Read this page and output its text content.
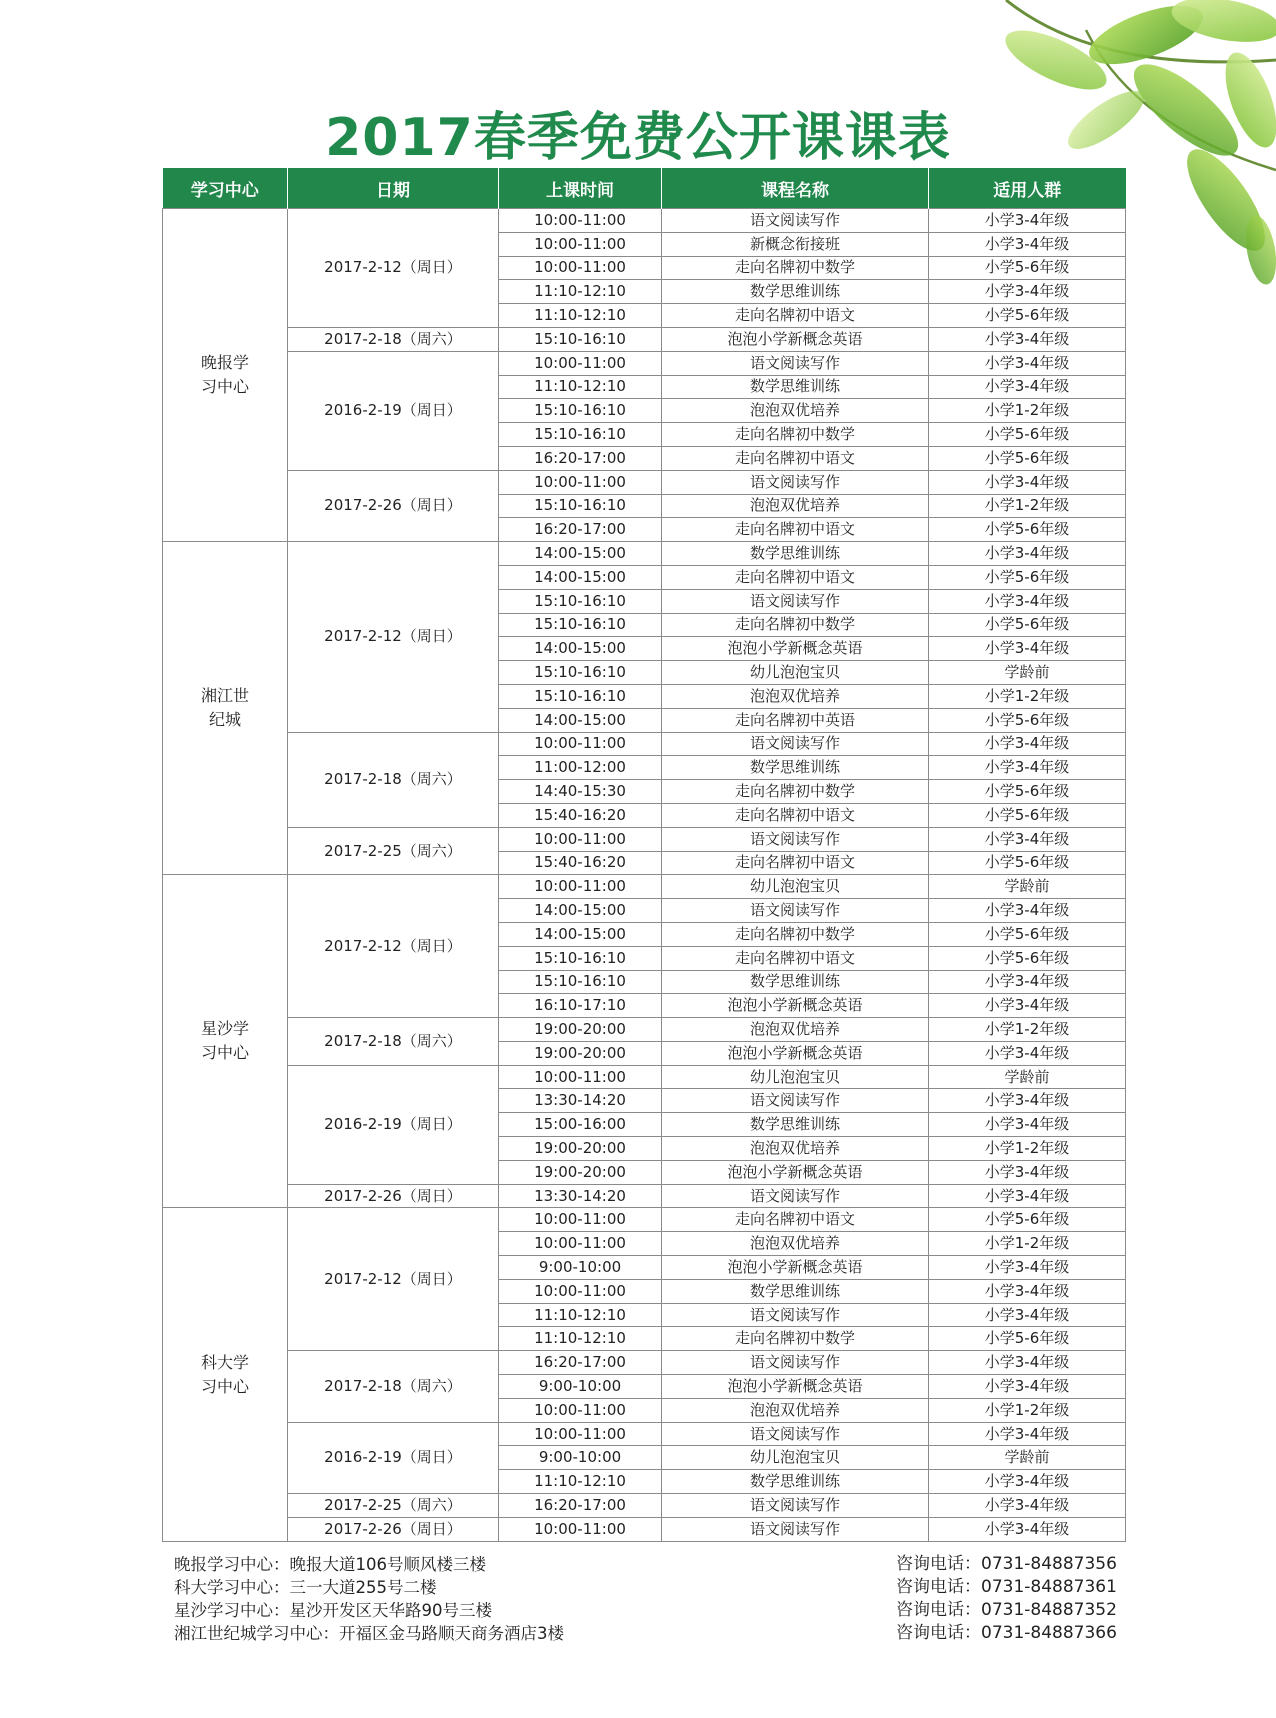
2017春季免费公开课课表
学习中心	日期	上课时间	课程名称	适用人群

晚报学
习中心	2017-2-12（周日）	10:00-11:00	语文阅读写作	小学3-4年级
		10:00-11:00	新概念衔接班	小学3-4年级
		10:00-11:00	走向名牌初中数学	小学5-6年级
		11:10-12:10	数学思维训练	小学3-4年级
		11:10-12:10	走向名牌初中语文	小学5-6年级
	2017-2-18（周六）	15:10-16:10	泡泡小学新概念英语	小学3-4年级
	2016-2-19（周日）	10:00-11:00	语文阅读写作	小学3-4年级
		11:10-12:10	数学思维训练	小学3-4年级
		15:10-16:10	泡泡双优培养	小学1-2年级
		15:10-16:10	走向名牌初中数学	小学5-6年级
		16:20-17:00	走向名牌初中语文	小学5-6年级
	2017-2-26（周日）	10:00-11:00	语文阅读写作	小学3-4年级
		15:10-16:10	泡泡双优培养	小学1-2年级
		16:20-17:00	走向名牌初中语文	小学5-6年级

湘江世
纪城	2017-2-12（周日）	14:00-15:00	数学思维训练	小学3-4年级
		14:00-15:00	走向名牌初中语文	小学5-6年级
		15:10-16:10	语文阅读写作	小学3-4年级
		15:10-16:10	走向名牌初中数学	小学5-6年级
		14:00-15:00	泡泡小学新概念英语	小学3-4年级
		15:10-16:10	幼儿泡泡宝贝	学龄前
		15:10-16:10	泡泡双优培养	小学1-2年级
		14:00-15:00	走向名牌初中英语	小学5-6年级
	2017-2-18（周六）	10:00-11:00	语文阅读写作	小学3-4年级
		11:00-12:00	数学思维训练	小学3-4年级
		14:40-15:30	走向名牌初中数学	小学5-6年级
		15:40-16:20	走向名牌初中语文	小学5-6年级
	2017-2-25（周六）	10:00-11:00	语文阅读写作	小学3-4年级
		15:40-16:20	走向名牌初中语文	小学5-6年级

星沙学
习中心	2017-2-12（周日）	10:00-11:00	幼儿泡泡宝贝	学龄前
		14:00-15:00	语文阅读写作	小学3-4年级
		14:00-15:00	走向名牌初中数学	小学5-6年级
		15:10-16:10	走向名牌初中语文	小学5-6年级
		15:10-16:10	数学思维训练	小学3-4年级
		16:10-17:10	泡泡小学新概念英语	小学3-4年级
	2017-2-18（周六）	19:00-20:00	泡泡双优培养	小学1-2年级
		19:00-20:00	泡泡小学新概念英语	小学3-4年级
	2016-2-19（周日）	10:00-11:00	幼儿泡泡宝贝	学龄前
		13:30-14:20	语文阅读写作	小学3-4年级
		15:00-16:00	数学思维训练	小学3-4年级
		19:00-20:00	泡泡双优培养	小学1-2年级
		19:00-20:00	泡泡小学新概念英语	小学3-4年级
	2017-2-26（周日）	13:30-14:20	语文阅读写作	小学3-4年级

科大学
习中心	2017-2-12（周日）	10:00-11:00	走向名牌初中语文	小学5-6年级
		10:00-11:00	泡泡双优培养	小学1-2年级
		9:00-10:00	泡泡小学新概念英语	小学3-4年级
		10:00-11:00	数学思维训练	小学3-4年级
		11:10-12:10	语文阅读写作	小学3-4年级
		11:10-12:10	走向名牌初中数学	小学5-6年级
	2017-2-18（周六）	16:20-17:00	语文阅读写作	小学3-4年级
		9:00-10:00	泡泡小学新概念英语	小学3-4年级
		10:00-11:00	泡泡双优培养	小学1-2年级
	2016-2-19（周日）	10:00-11:00	语文阅读写作	小学3-4年级
		9:00-10:00	幼儿泡泡宝贝	学龄前
		11:10-12:10	数学思维训练	小学3-4年级
	2017-2-25（周六）	16:20-17:00	语文阅读写作	小学3-4年级
	2017-2-26（周日）	10:00-11:00	语文阅读写作	小学3-4年级
晚报学习中心：晚报大道106号顺风楼三楼
科大学习中心：三一大道255号二楼
星沙学习中心：星沙开发区天华路90号三楼
湘江世纪城学习中心：开福区金马路顺天商务酒店3楼
咨询电话：0731-84887356
咨询电话：0731-84887361
咨询电话：0731-84887352
咨询电话：0731-84887366
